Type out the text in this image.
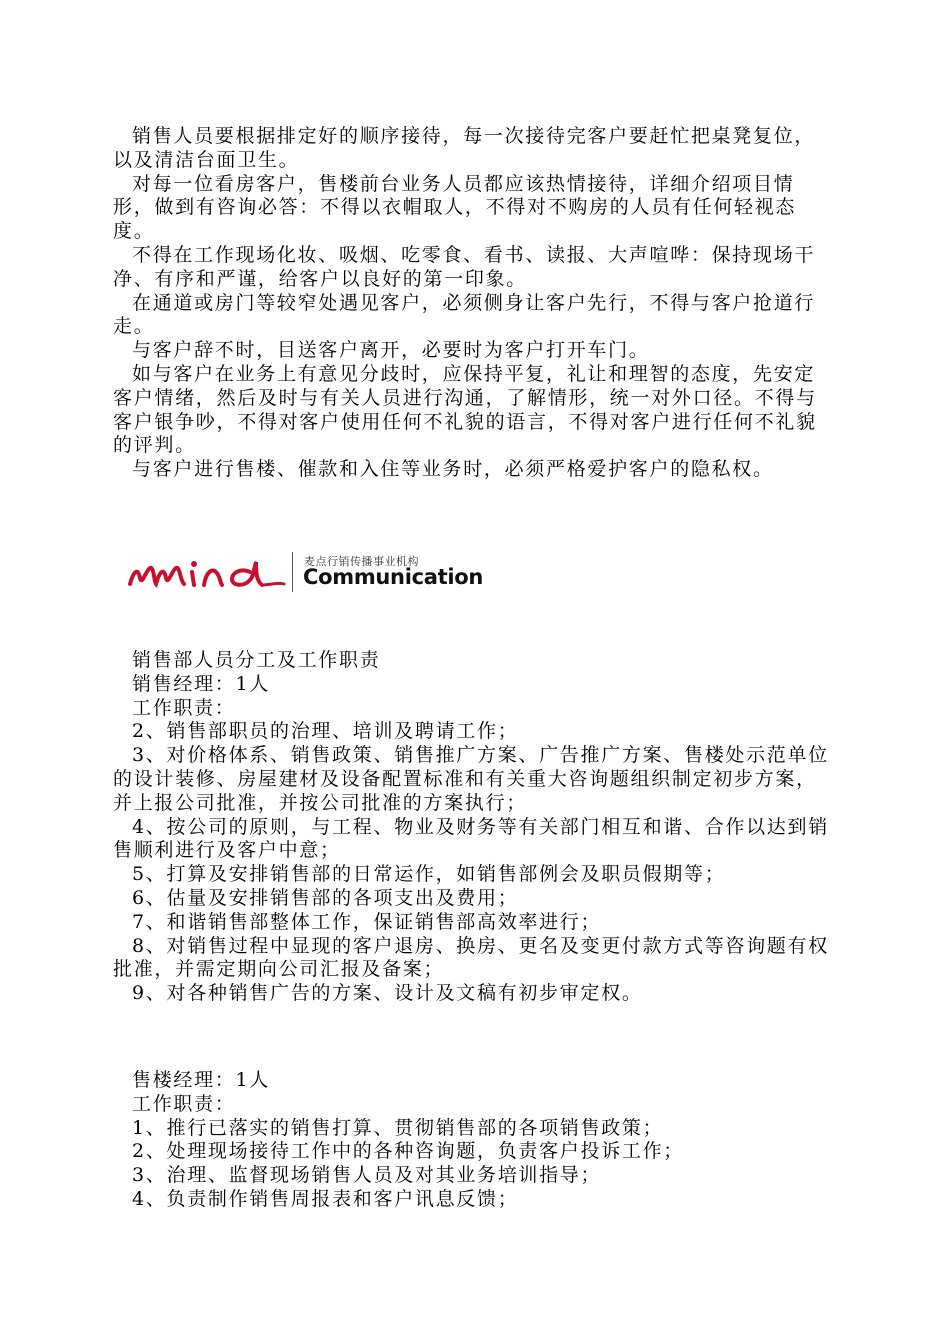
销售人员要根据排定好的顺序接待，每一次接待完客户要赶忙把桌凳复位，以及清洁台面卫生。

对每一位看房客户，售楼前台业务人员都应该热情接待，详细介绍项目情形，做到有咨询必答：不得以衣帽取人，不得对不购房的人员有任何轻视态度。

不得在工作现场化妆、吸烟、吃零食、看书、读报、大声喧哗：保持现场干净、有序和严谨，给客户以良好的第一印象。

在通道或房门等较窄处遇见客户，必须侧身让客户先行，不得与客户抢道行走。

与客户辞不时，目送客户离开，必要时为客户打开车门。

如与客户在业务上有意见分歧时，应保持平复，礼让和理智的态度，先安定客户情绪，然后及时与有关人员进行沟通，了解情形，统一对外口径。不得与客户银争吵，不得对客户使用任何不礼貌的语言，不得对客户进行任何不礼貌的评判。

与客户进行售楼、催款和入住等业务时，必须严格爱护客户的隐私权。

麦点行销传播事业机构
Communication

销售部人员分工及工作职责

销售经理：1人

工作职责：

2、销售部职员的治理、培训及聘请工作；

3、对价格体系、销售政策、销售推广方案、广告推广方案、售楼处示范单位的设计装修、房屋建材及设备配置标准和有关重大咨询题组织制定初步方案，并上报公司批准，并按公司批准的方案执行；

4、按公司的原则，与工程、物业及财务等有关部门相互和谐、合作以达到销售顺利进行及客户中意；

5、打算及安排销售部的日常运作，如销售部例会及职员假期等；

6、估量及安排销售部的各项支出及费用；

7、和谐销售部整体工作，保证销售部高效率进行；

8、对销售过程中显现的客户退房、换房、更名及变更付款方式等咨询题有权批准，并需定期向公司汇报及备案；

9、对各种销售广告的方案、设计及文稿有初步审定权。

售楼经理：1人

工作职责：

1、推行已落实的销售打算、贯彻销售部的各项销售政策；

2、处理现场接待工作中的各种咨询题，负责客户投诉工作；

3、治理、监督现场销售人员及对其业务培训指导；

4、负责制作销售周报表和客户讯息反馈；
